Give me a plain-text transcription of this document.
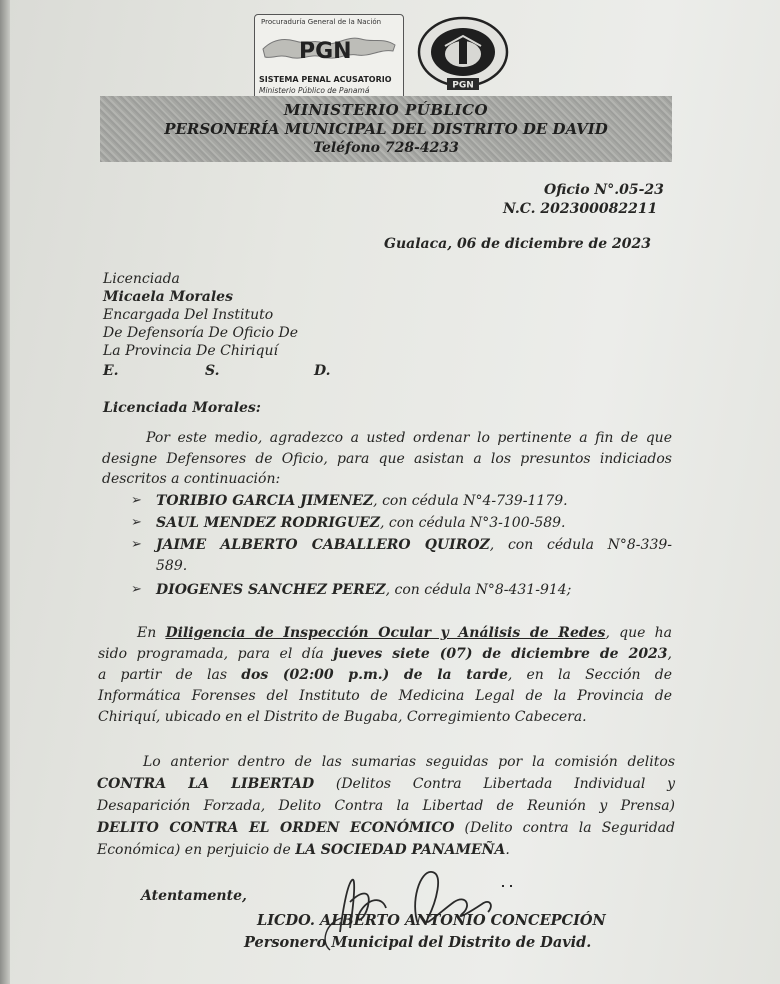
Procuraduría General de la Nación
PGN
SISTEMA PENAL ACUSATORIO
Ministerio Público de Panamá	PGN
MINISTERIO PÚBLICO
PERSONERÍA MUNICIPAL DEL DISTRITO DE DAVID
Teléfono 728-4233
Oficio N°.05-23
N.C. 202300082211
Gualaca, 06 de diciembre de 2023
Licenciada
Micaela Morales
Encargada Del Instituto
De Defensoría De Oficio De
La Provincia De Chiriquí
E.	S.	D.
Licenciada Morales:
Por este medio, agradezco a usted ordenar lo pertinente a fin de que
designe Defensores de Oficio, para que asistan a los presuntos indiciados
descritos a continuación:
➢ TORIBIO GARCIA JIMENEZ, con cédula N°4-739-1179.
➢ SAUL MENDEZ RODRIGUEZ, con cédula N°3-100-589.
➢ JAIME ALBERTO CABALLERO QUIROZ, con cédula N°8-339-
589.
➢ DIOGENES SANCHEZ PEREZ, con cédula N°8-431-914;
En Diligencia de Inspección Ocular y Análisis de Redes, que ha
sido programada, para el día jueves siete (07) de diciembre de 2023,
a partir de las dos (02:00 p.m.) de la tarde, en la Sección de
Informática Forenses del Instituto de Medicina Legal de la Provincia de
Chiriquí, ubicado en el Distrito de Bugaba, Corregimiento Cabecera.
Lo anterior dentro de las sumarias seguidas por la comisión delitos
CONTRA LA LIBERTAD (Delitos Contra Libertada Individual y
Desaparición Forzada, Delito Contra la Libertad de Reunión y Prensa)
DELITO CONTRA EL ORDEN ECONÓMICO (Delito contra la Seguridad
Económica) en perjuicio de LA SOCIEDAD PANAMEÑA.
Atentamente,
LICDO. ALBERTO ANTONIO CONCEPCIÓN
Personero Municipal del Distrito de David.
